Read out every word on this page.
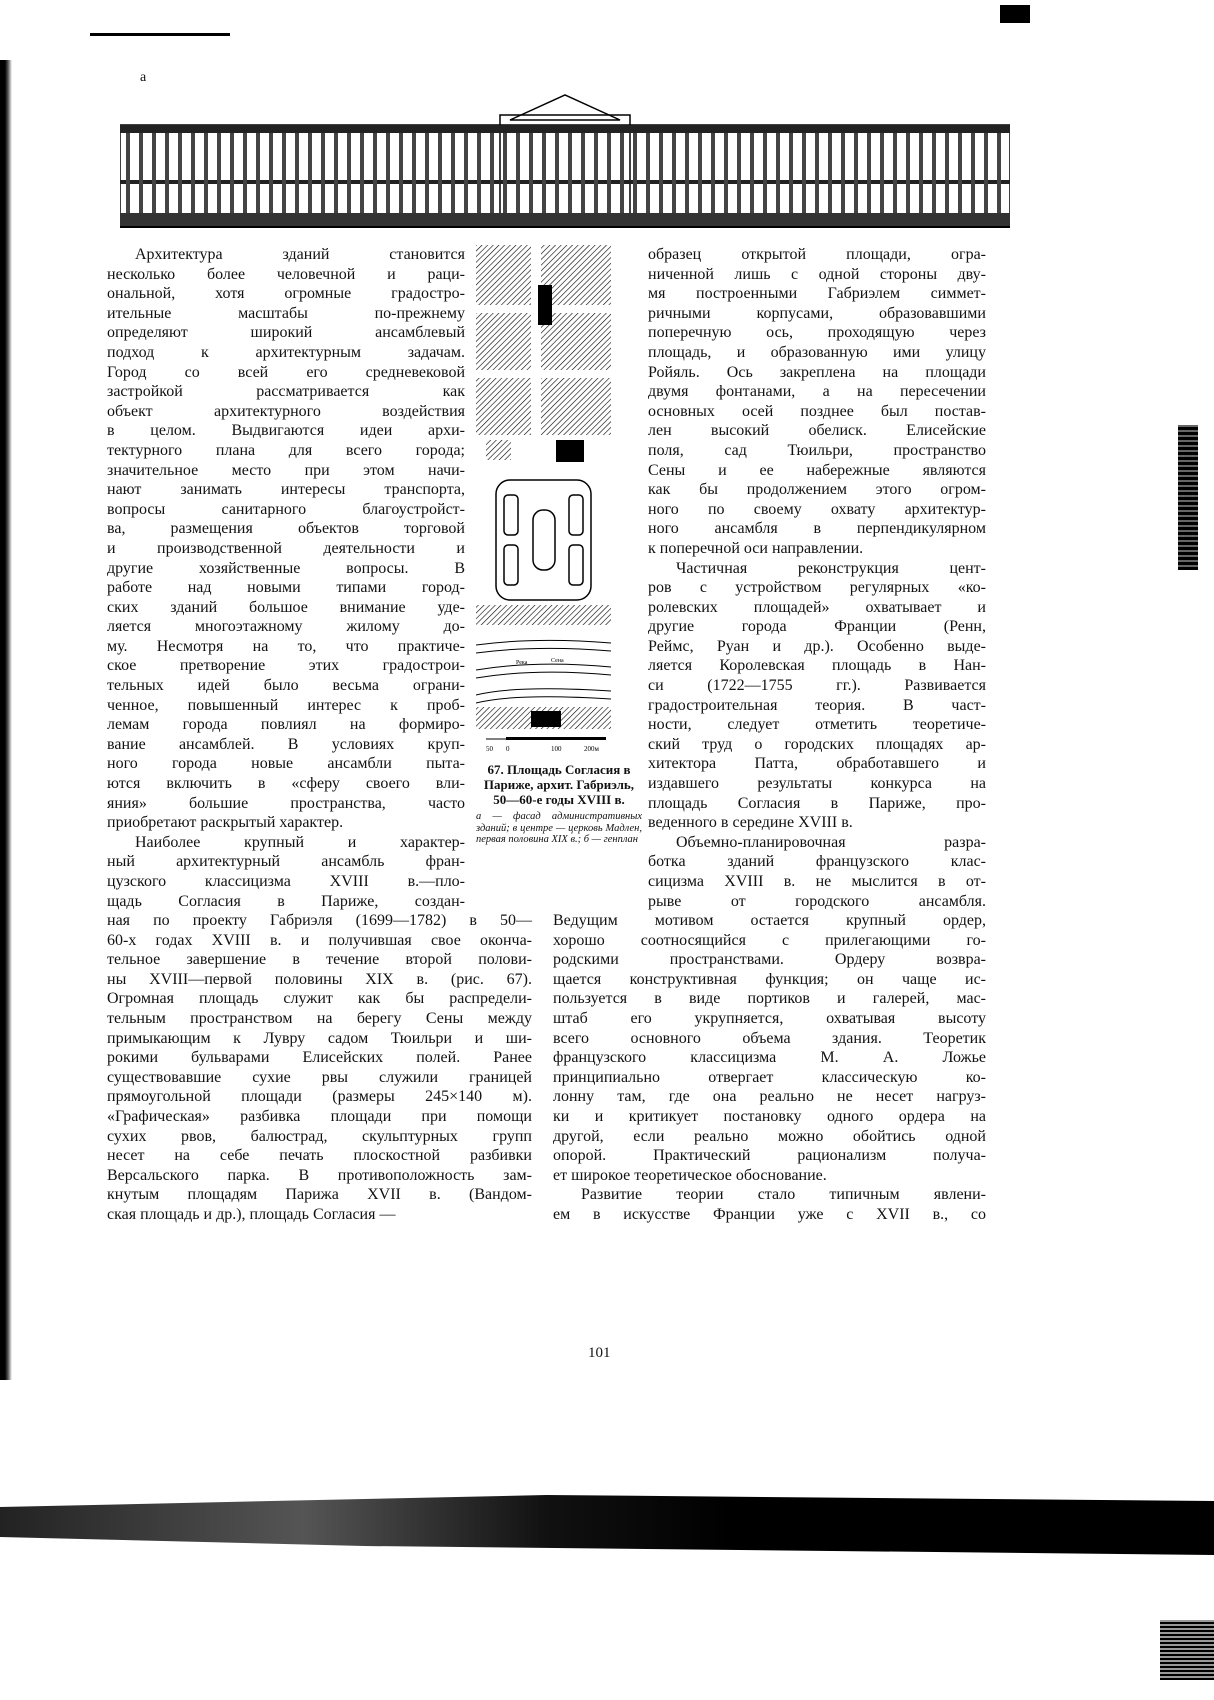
а
Река	Сена
50 0	100	200м
67. Площадь Согласия в Париже, архит. Габриэль, 50—60-е годы XVIII в.
а — фасад административных зданий; в центре — церковь Мадлен, первая половина XIX в.; б — генплан
Архитектура зданий становится
несколько более человечной и раци-
ональной, хотя огромные градостро-
ительные масштабы по-прежнему
определяют широкий ансамблевый
подход к архитектурным задачам.
Город со всей его средневековой
застройкой рассматривается как
объект архитектурного воздействия
в целом. Выдвигаются идеи архи-
тектурного плана для всего города;
значительное место при этом начи-
нают занимать интересы транспорта,
вопросы санитарного благоустройст-
ва, размещения объектов торговой
и производственной деятельности и
другие хозяйственные вопросы. В
работе над новыми типами город-
ских зданий большое внимание уде-
ляется многоэтажному жилому до-
му. Несмотря на то, что практиче-
ское претворение этих градострои-
тельных идей было весьма ограни-
ченное, повышенный интерес к проб-
лемам города повлиял на формиро-
вание ансамблей. В условиях круп-
ного города новые ансамбли пыта-
ются включить в «сферу своего вли-
яния» большие пространства, часто
приобретают раскрытый характер.
Наиболее крупный и характер-
ный архитектурный ансамбль фран-
цузского классицизма XVIII в.—пло-
щадь Согласия в Париже, создан-
ная по проекту Габриэля (1699—1782) в 50—
60-х годах XVIII в. и получившая свое оконча-
тельное завершение в течение второй полови-
ны XVIII—первой половины XIX в. (рис. 67).
Огромная площадь служит как бы распредели-
тельным пространством на берегу Сены между
примыкающим к Лувру садом Тюильри и ши-
рокими бульварами Елисейских полей. Ранее
существовавшие сухие рвы служили границей
прямоугольной площади (размеры 245×140 м).
«Графическая» разбивка площади при помощи
сухих рвов, балюстрад, скульптурных групп
несет на себе печать плоскостной разбивки
Версальского парка. В противоположность зам-
кнутым площадям Парижа XVII в. (Вандом-
ская площадь и др.), площадь Согласия —
образец открытой площади, огра-
ниченной лишь с одной стороны дву-
мя построенными Габриэлем симмет-
ричными корпусами, образовавшими
поперечную ось, проходящую через
площадь, и образованную ими улицу
Ройяль. Ось закреплена на площади
двумя фонтанами, а на пересечении
основных осей позднее был постав-
лен высокий обелиск. Елисейские
поля, сад Тюильри, пространство
Сены и ее набережные являются
как бы продолжением этого огром-
ного по своему охвату архитектур-
ного ансамбля в перпендикулярном
к поперечной оси направлении.
Частичная реконструкция цент-
ров с устройством регулярных «ко-
ролевских площадей» охватывает и
другие города Франции (Ренн,
Реймс, Руан и др.). Особенно выде-
ляется Королевская площадь в Нан-
си (1722—1755 гг.). Развивается
градостроительная теория. В част-
ности, следует отметить теоретиче-
ский труд о городских площадях ар-
хитектора Патта, обработавшего и
издавшего результаты конкурса на
площадь Согласия в Париже, про-
веденного в середине XVIII в.
Объемно-планировочная разра-
ботка зданий французского клас-
сицизма XVIII в. не мыслится в от-
рыве от городского ансамбля.
Ведущим мотивом остается крупный ордер,
хорошо соотносящийся с прилегающими го-
родскими пространствами. Ордеру возвра-
щается конструктивная функция; он чаще ис-
пользуется в виде портиков и галерей, мас-
штаб его укрупняется, охватывая высоту
всего основного объема здания. Теоретик
французского классицизма М. А. Ложье
принципиально отвергает классическую ко-
лонну там, где она реально не несет нагруз-
ки и критикует постановку одного ордера на
другой, если реально можно обойтись одной
опорой. Практический рационализм получа-
ет широкое теоретическое обоснование.
Развитие теории стало типичным явлени-
ем в искусстве Франции уже с XVII в., со
101
